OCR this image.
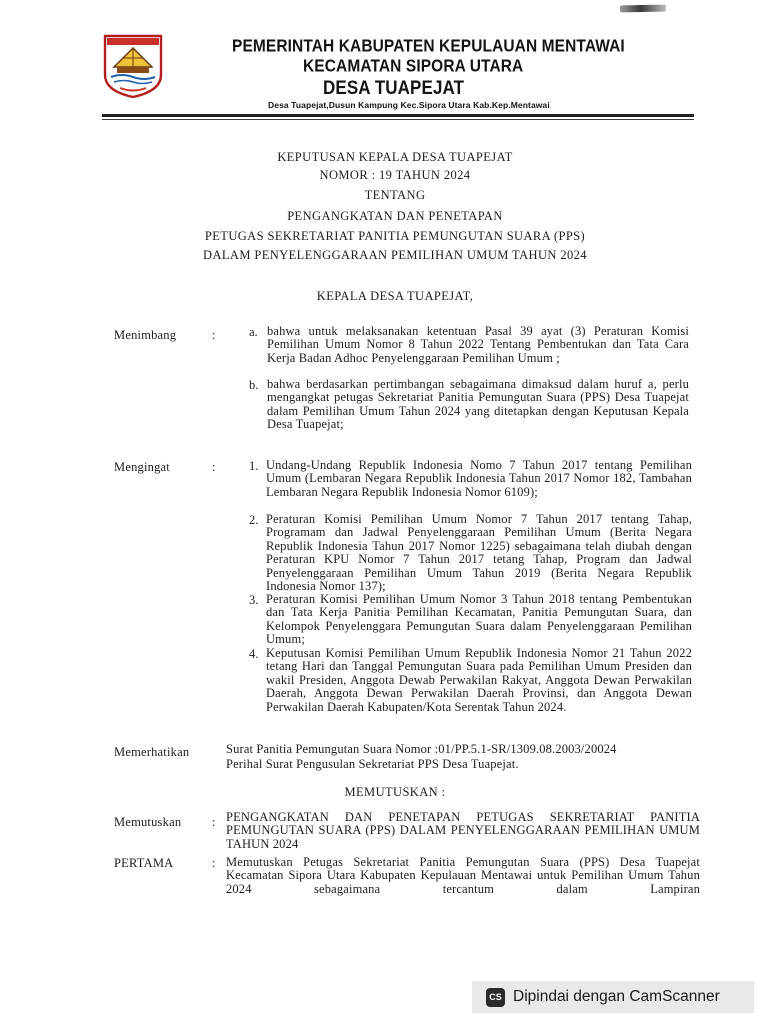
PEMERINTAH KABUPATEN KEPULAUAN MENTAWAI
KECAMATAN SIPORA UTARA
DESA TUAPEJAT
Desa Tuapejat,Dusun Kampung Kec.Sipora Utara Kab.Kep.Mentawai
KEPUTUSAN KEPALA DESA TUAPEJAT
NOMOR : 19 TAHUN 2024
TENTANG
PENGANGKATAN DAN PENETAPAN
PETUGAS SEKRETARIAT PANITIA PEMUNGUTAN SUARA (PPS)
DALAM PENYELENGGARAAN PEMILIHAN UMUM TAHUN 2024
KEPALA DESA TUAPEJAT,
Menimbang	:	a. bahwa untuk melaksanakan ketentuan Pasal 39 ayat (3) Peraturan Komisi Pemilihan Umum Nomor 8 Tahun 2022 Tentang Pembentukan dan Tata Cara Kerja Badan Adhoc Penyelenggaraan Pemilihan Umum ;
b. bahwa berdasarkan pertimbangan sebagaimana dimaksud dalam huruf a, perlu mengangkat petugas Sekretariat Panitia Pemungutan Suara (PPS) Desa Tuapejat dalam Pemilihan Umum Tahun 2024 yang ditetapkan dengan Keputusan Kepala Desa Tuapejat;
Mengingat	:	1. Undang-Undang Republik Indonesia Nomo 7 Tahun 2017 tentang Pemilihan Umum (Lembaran Negara Republik Indonesia Tahun 2017 Nomor 182, Tambahan Lembaran Negara Republik Indonesia Nomor 6109);
2. Peraturan Komisi Pemilihan Umum Nomor 7 Tahun 2017 tentang Tahap, Programam dan Jadwal Penyelenggaraan Pemilihan Umum (Berita Negara Republik Indonesia Tahun 2017 Nomor 1225) sebagaimana telah diubah dengan Peraturan KPU Nomor 7 Tahun 2017 tetang Tahap, Program dan Jadwal Penyelenggaraan Pemilihan Umum Tahun 2019 (Berita Negara Republik Indonesia Nomor 137);
3. Peraturan Komisi Pemilihan Umum Nomor 3 Tahun 2018 tentang Pembentukan dan Tata Kerja Panitia Pemilihan Kecamatan, Panitia Pemungutan Suara, dan Kelompok Penyelenggara Pemungutan Suara dalam Penyelenggaraan Pemilihan Umum;
4. Keputusan Komisi Pemilihan Umum Republik Indonesia Nomor 21 Tahun 2022 tetang Hari dan Tanggal Pemungutan Suara pada Pemilihan Umum Presiden dan wakil Presiden, Anggota Dewab Perwakilan Rakyat, Anggota Dewan Perwakilan Daerah, Anggota Dewan Perwakilan Daerah Provinsi, dan Anggota Dewan Perwakilan Daerah Kabupaten/Kota Serentak Tahun 2024.
Memerhatikan	Surat Panitia Pemungutan Suara Nomor :01/PP.5.1-SR/1309.08.2003/20024
Perihal Surat Pengusulan Sekretariat PPS Desa Tuapejat.
MEMUTUSKAN :
Memutuskan : PENGANGKATAN DAN PENETAPAN PETUGAS SEKRETARIAT PANITIA PEMUNGUTAN SUARA (PPS) DALAM PENYELENGGARAAN PEMILIHAN UMUM TAHUN 2024
PERTAMA	: Memutuskan Petugas Sekretariat Panitia Pemungutan Suara (PPS) Desa Tuapejat Kecamatan Sipora Utara Kabupaten Kepulauan Mentawai untuk Pemilihan Umum Tahun 2024 sebagaimana tercantum dalam Lampiran
CS Dipindai dengan CamScanner
